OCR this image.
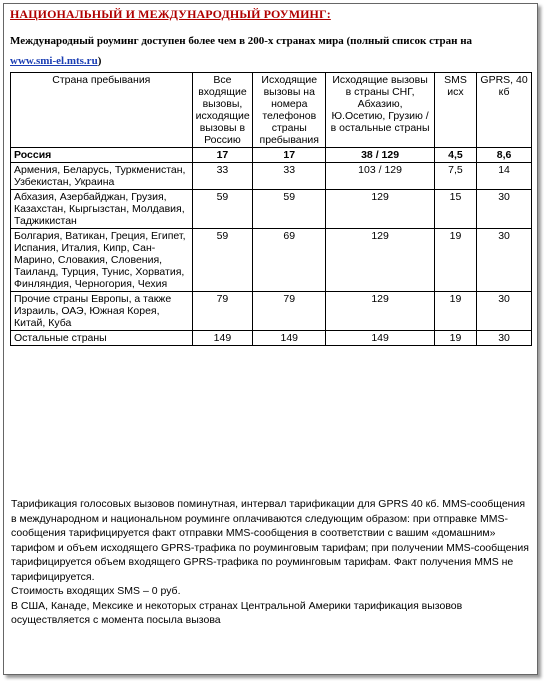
НАЦИОНАЛЬНЫЙ И МЕЖДУНАРОДНЫЙ РОУМИНГ:
Международный роуминг доступен более чем в 200-х странах мира (полный список стран на
www.smi-el.mts.ru)
Страна пребывания	Все входящие вызовы, исходящие вызовы в Россию	Исходящие вызовы на номера телефонов страны пребывания	Исходящие вызовы в страны СНГ, Абхазию, Ю.Осетию, Грузию / в остальные страны	SMS исх	GPRS, 40 кб
Россия	17	17	38 / 129	4,5	8,6
Армения, Беларусь, Туркменистан, Узбекистан, Украина	33	33	103 / 129	7,5	14
Абхазия, Азербайджан, Грузия, Казахстан, Кыргызстан, Молдавия, Таджикистан	59	59	129	15	30
Болгария, Ватикан, Греция, Египет, Испания, Италия, Кипр, Сан-Марино, Словакия, Словения, Таиланд, Турция, Тунис, Хорватия, Финляндия, Черногория, Чехия	59	69	129	19	30
Прочие страны Европы, а также Израиль, ОАЭ, Южная Корея, Китай, Куба	79	79	129	19	30
Остальные страны	149	149	149	19	30

Тарификация голосовых вызовов поминутная, интервал тарификации для GPRS 40 кб. MMS-сообщения в международном и национальном роуминге оплачиваются следующим образом: при отправке MMS-сообщения тарифицируется факт отправки MMS-сообщения в соответствии с вашим «домашним» тарифом и объем исходящего GPRS-трафика по роуминговым тарифам; при получении MMS-сообщения тарифицируется объем входящего GPRS-трафика по роуминговым тарифам. Факт получения MMS не тарифицируется.

Стоимость входящих SMS – 0 руб.

В США, Канаде, Мексике и некоторых странах Центральной Америки тарификация вызовов осуществляется с момента посыла вызова
